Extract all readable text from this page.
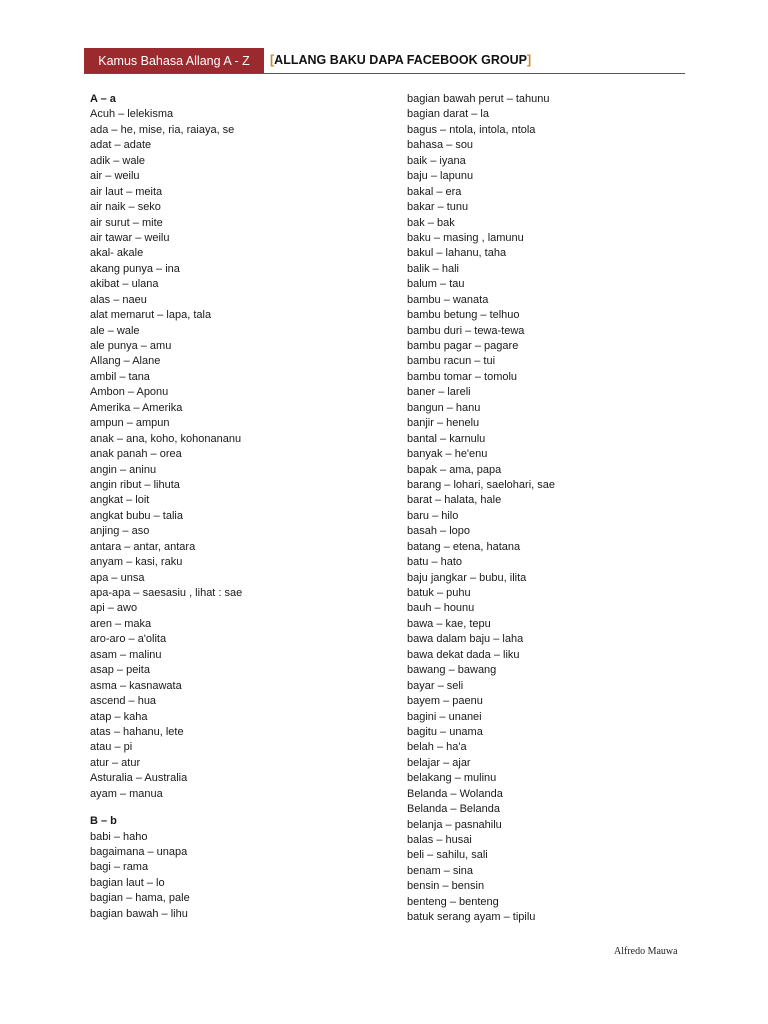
Kamus Bahasa Allang A - Z	[ALLANG BAKU DAPA FACEBOOK GROUP]
A – a
Acuh – lelekisma
ada – he, mise, ria, raiaya, se
adat – adate
adik – wale
air – weilu
air laut – meita
air naik – seko
air surut – mite
air tawar – weilu
akal- akale
akang punya – ina
akibat – ulana
alas – naeu
alat memarut – lapa, tala
ale – wale
ale punya – amu
Allang – Alane
ambil – tana
Ambon – Aponu
Amerika – Amerika
ampun – ampun
anak – ana, koho, kohonananu
anak panah – orea
angin – aninu
angin ribut – lihuta
angkat – loit
angkat bubu – talia
anjing – aso
antara – antar, antara
anyam – kasi, raku
apa – unsa
apa-apa – saesasiu , lihat : sae
api – awo
aren – maka
aro-aro – a'olita
asam – malinu
asap – peita
asma – kasnawata
ascend – hua
atap – kaha
atas – hahanu, lete
atau – pi
atur – atur
Asturalia – Australia
ayam – manua
B – b
babi – haho
bagaimana – unapa
bagi – rama
bagian laut – lo
bagian – hama, pale
bagian bawah – lihu
bagian bawah perut – tahunu
bagian darat – la
bagus – ntola, intola, ntola
bahasa – sou
baik – iyana
baju – lapunu
bakal – era
bakar – tunu
bak – bak
baku – masing , lamunu
bakul – lahanu, taha
balik – hali
balum – tau
bambu – wanata
bambu betung – telhuo
bambu duri – tewa-tewa
bambu pagar – pagare
bambu racun – tui
bambu tomar – tomolu
baner – lareli
bangun – hanu
banjir – henelu
bantal – karnulu
banyak – he'enu
bapak – ama, papa
barang – lohari, saelohari, sae
barat – halata, hale
baru – hilo
basah – lopo
batang – etena, hatana
batu – hato
baju jangkar – bubu, ilita
batuk – puhu
bauh – hounu
bawa – kae, tepu
bawa dalam baju – laha
bawa dekat dada – liku
bawang – bawang
bayar – seli
bayem – paenu
bagini – unanei
bagitu – unama
belah – ha'a
belajar – ajar
belakang – mulinu
Belanda – Wolanda
Belanda – Belanda
belanja – pasnahilu
balas – husai
beli – sahilu, sali
benam – sina
bensin – bensin
benteng – benteng
batuk serang ayam – tipilu
Alfredo Mauwa
